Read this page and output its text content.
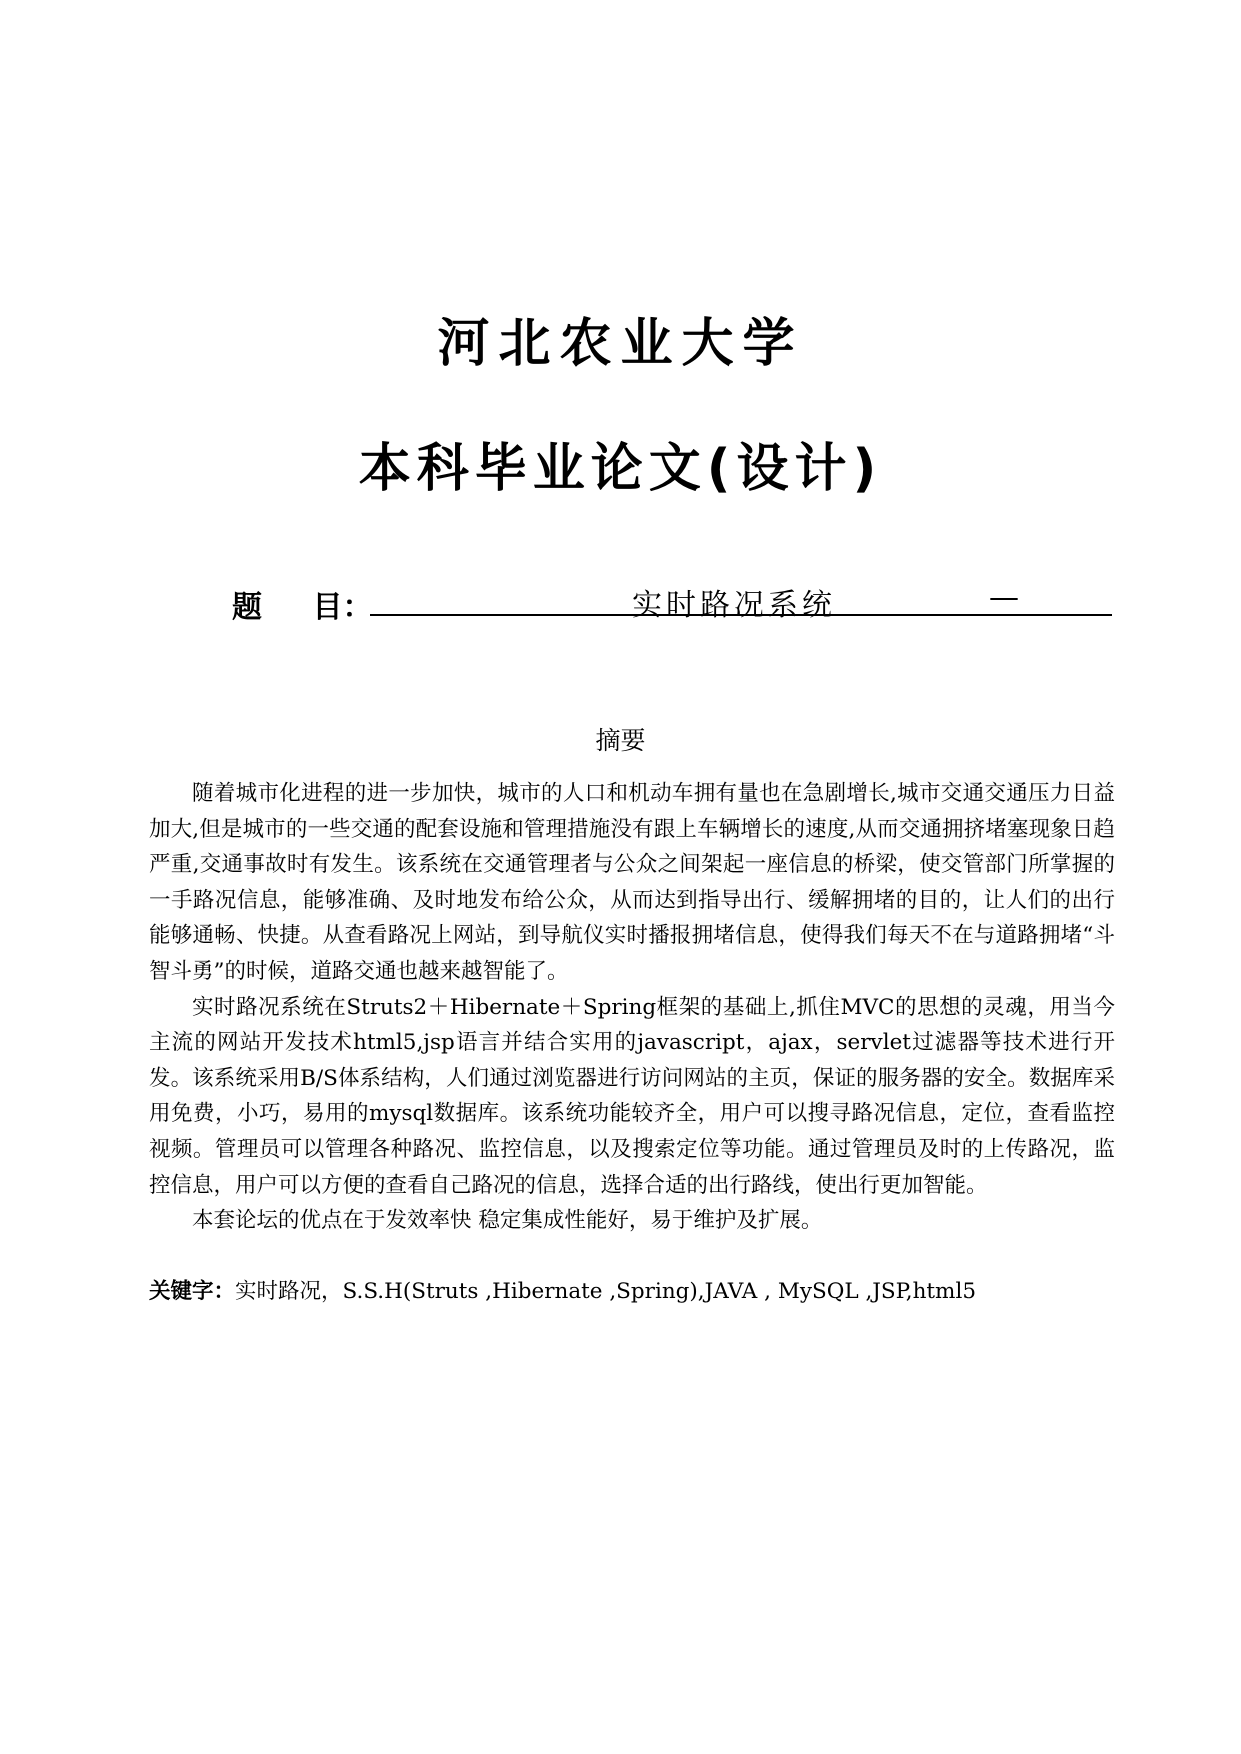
河北农业大学
本科毕业论文(设计)
题 目：	实时路况系统	—
摘要

随着城市化进程的进一步加快，城市的人口和机动车拥有量也在急剧增长,城市交通交通压力日益加大,但是城市的一些交通的配套设施和管理措施没有跟上车辆增长的速度,从而交通拥挤堵塞现象日趋严重,交通事故时有发生。该系统在交通管理者与公众之间架起一座信息的桥梁，使交管部门所掌握的一手路况信息，能够准确、及时地发布给公众，从而达到指导出行、缓解拥堵的目的，让人们的出行能够通畅、快捷。从查看路况上网站，到导航仪实时播报拥堵信息，使得我们每天不在与道路拥堵“斗智斗勇”的时候，道路交通也越来越智能了。

实时路况系统在Struts2＋Hibernate＋Spring框架的基础上,抓住MVC的思想的灵魂，用当今主流的网站开发技术html5,jsp语言并结合实用的javascript，ajax，servlet过滤器等技术进行开发。该系统采用B/S体系结构，人们通过浏览器进行访问网站的主页，保证的服务器的安全。数据库采用免费，小巧，易用的mysql数据库。该系统功能较齐全，用户可以搜寻路况信息，定位，查看监控视频。管理员可以管理各种路况、监控信息，以及搜索定位等功能。通过管理员及时的上传路况，监控信息，用户可以方便的查看自己路况的信息，选择合适的出行路线，使出行更加智能。

本套论坛的优点在于发效率快 稳定集成性能好，易于维护及扩展。

关键字：实时路况，S.S.H(Struts ,Hibernate ,Spring),JAVA , MySQL ,JSP,html5
